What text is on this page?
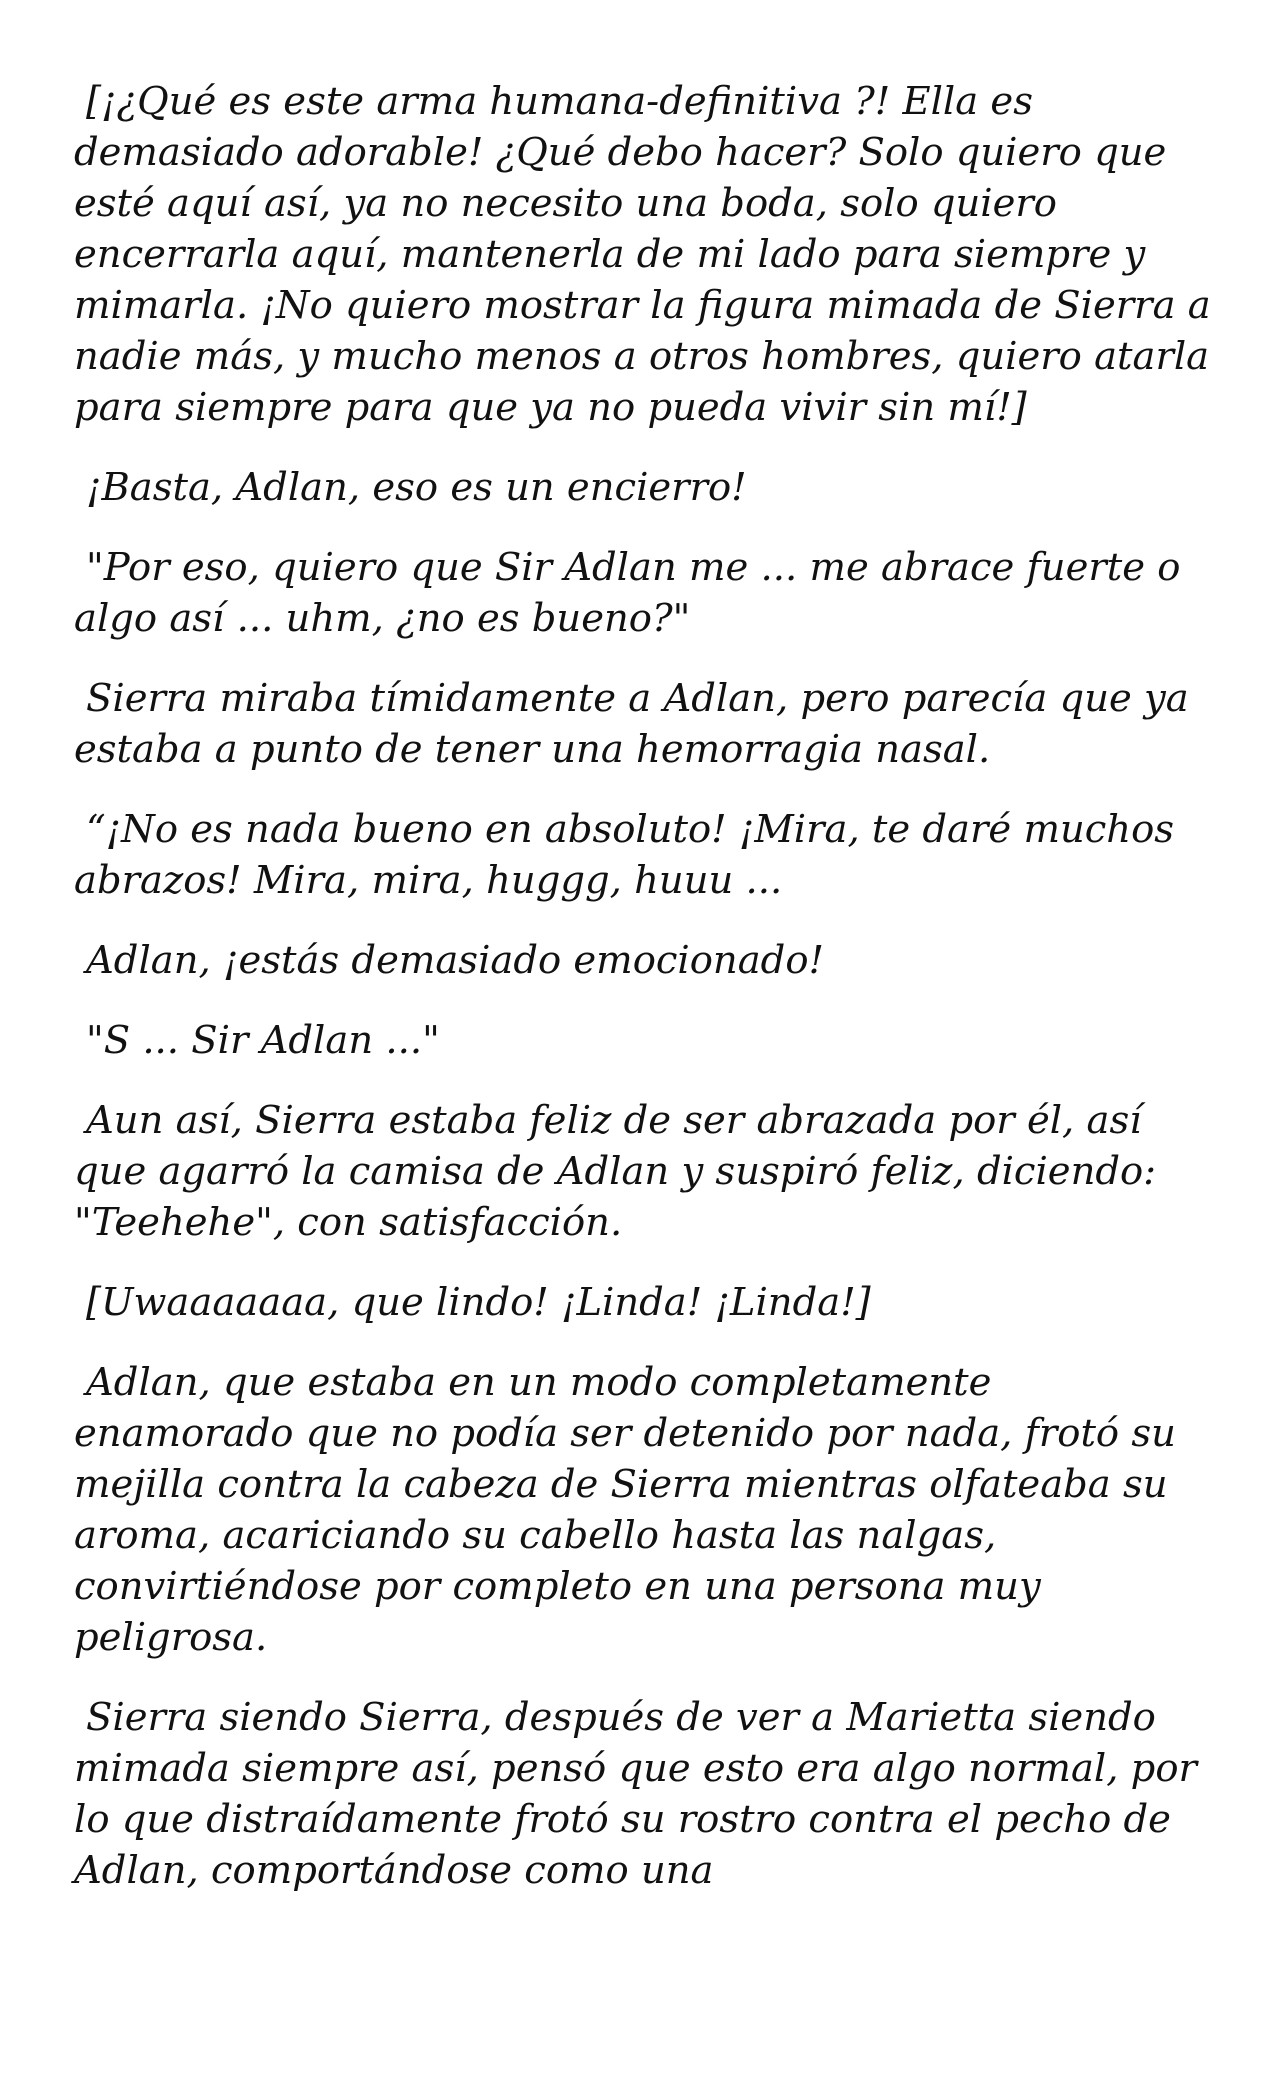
[¡¿Qué es este arma humana-definitiva ?! Ella es demasiado adorable! ¿Qué debo hacer? Solo quiero que esté aquí así, ya no necesito una boda, solo quiero encerrarla aquí, mantenerla de mi lado para siempre y mimarla. ¡No quiero mostrar la figura mimada de Sierra a nadie más, y mucho menos a otros hombres, quiero atarla para siempre para que ya no pueda vivir sin mí!]

¡Basta, Adlan, eso es un encierro!

"Por eso, quiero que Sir Adlan me ... me abrace fuerte o algo así ... uhm, ¿no es bueno?"

Sierra miraba tímidamente a Adlan, pero parecía que ya estaba a punto de tener una hemorragia nasal.

“¡No es nada bueno en absoluto! ¡Mira, te daré muchos abrazos! Mira, mira, huggg, huuu ...

Adlan, ¡estás demasiado emocionado!

"S ... Sir Adlan ..."

Aun así, Sierra estaba feliz de ser abrazada por él, así que agarró la camisa de Adlan y suspiró feliz, diciendo: "Teehehe", con satisfacción.

[Uwaaaaaaa, que lindo! ¡Linda! ¡Linda!]

Adlan, que estaba en un modo completamente enamorado que no podía ser detenido por nada, frotó su mejilla contra la cabeza de Sierra mientras olfateaba su aroma, acariciando su cabello hasta las nalgas, convirtiéndose por completo en una persona muy peligrosa.

Sierra siendo Sierra, después de ver a Marietta siendo mimada siempre así, pensó que esto era algo normal, por lo que distraídamente frotó su rostro contra el pecho de Adlan, comportándose como una
